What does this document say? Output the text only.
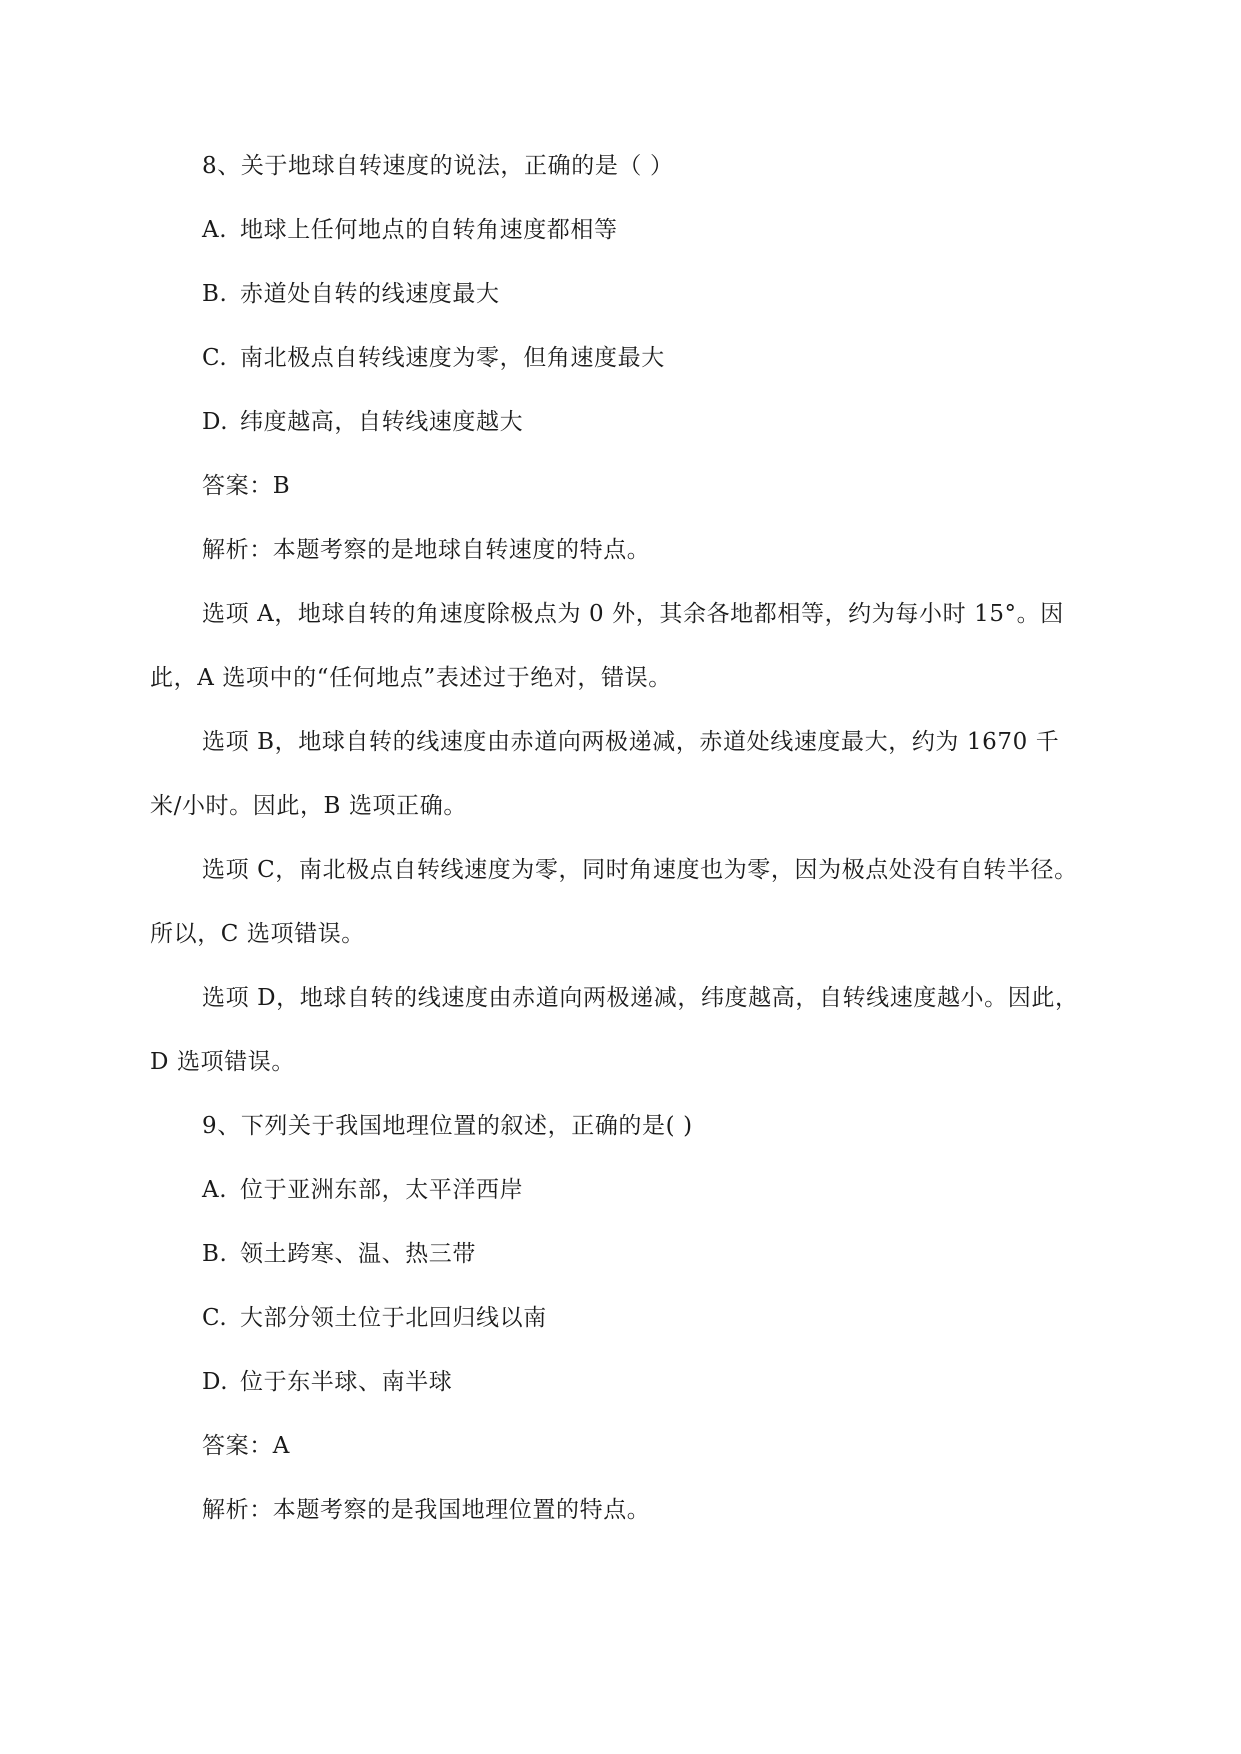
8、关于地球自转速度的说法，正确的是（ ）
A. 地球上任何地点的自转角速度都相等
B. 赤道处自转的线速度最大
C. 南北极点自转线速度为零，但角速度最大
D. 纬度越高，自转线速度越大
答案：B
解析：本题考察的是地球自转速度的特点。
选项 A，地球自转的角速度除极点为 0 外，其余各地都相等，约为每小时 15°。因
此，A 选项中的“任何地点”表述过于绝对，错误。
选项 B，地球自转的线速度由赤道向两极递减，赤道处线速度最大，约为 1670 千
米/小时。因此，B 选项正确。
选项 C，南北极点自转线速度为零，同时角速度也为零，因为极点处没有自转半径。
所以，C 选项错误。
选项 D，地球自转的线速度由赤道向两极递减，纬度越高，自转线速度越小。因此，
D 选项错误。
9、下列关于我国地理位置的叙述，正确的是( )
A. 位于亚洲东部，太平洋西岸
B. 领土跨寒、温、热三带
C. 大部分领土位于北回归线以南
D. 位于东半球、南半球
答案：A
解析：本题考察的是我国地理位置的特点。
